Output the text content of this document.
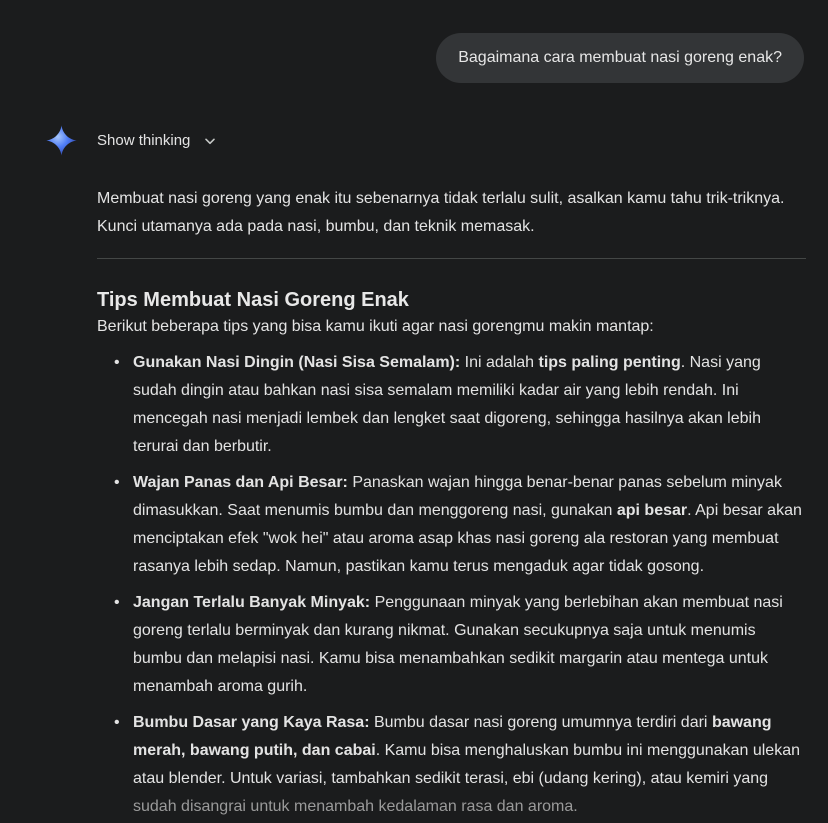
Bagaimana cara membuat nasi goreng enak?
Show thinking

Membuat nasi goreng yang enak itu sebenarnya tidak terlalu sulit, asalkan kamu tahu trik-triknya. Kunci utamanya ada pada nasi, bumbu, dan teknik memasak.

Tips Membuat Nasi Goreng Enak

Berikut beberapa tips yang bisa kamu ikuti agar nasi gorengmu makin mantap:

• Gunakan Nasi Dingin (Nasi Sisa Semalam): Ini adalah tips paling penting. Nasi yang sudah dingin atau bahkan nasi sisa semalam memiliki kadar air yang lebih rendah. Ini mencegah nasi menjadi lembek dan lengket saat digoreng, sehingga hasilnya akan lebih terurai dan berbutir.
• Wajan Panas dan Api Besar: Panaskan wajan hingga benar-benar panas sebelum minyak dimasukkan. Saat menumis bumbu dan menggoreng nasi, gunakan api besar. Api besar akan menciptakan efek "wok hei" atau aroma asap khas nasi goreng ala restoran yang membuat rasanya lebih sedap. Namun, pastikan kamu terus mengaduk agar tidak gosong.
• Jangan Terlalu Banyak Minyak: Penggunaan minyak yang berlebihan akan membuat nasi goreng terlalu berminyak dan kurang nikmat. Gunakan secukupnya saja untuk menumis bumbu dan melapisi nasi. Kamu bisa menambahkan sedikit margarin atau mentega untuk menambah aroma gurih.
• Bumbu Dasar yang Kaya Rasa: Bumbu dasar nasi goreng umumnya terdiri dari bawang merah, bawang putih, dan cabai. Kamu bisa menghaluskan bumbu ini menggunakan ulekan atau blender. Untuk variasi, tambahkan sedikit terasi, ebi (udang kering), atau kemiri yang sudah disangrai untuk menambah kedalaman rasa dan aroma.
